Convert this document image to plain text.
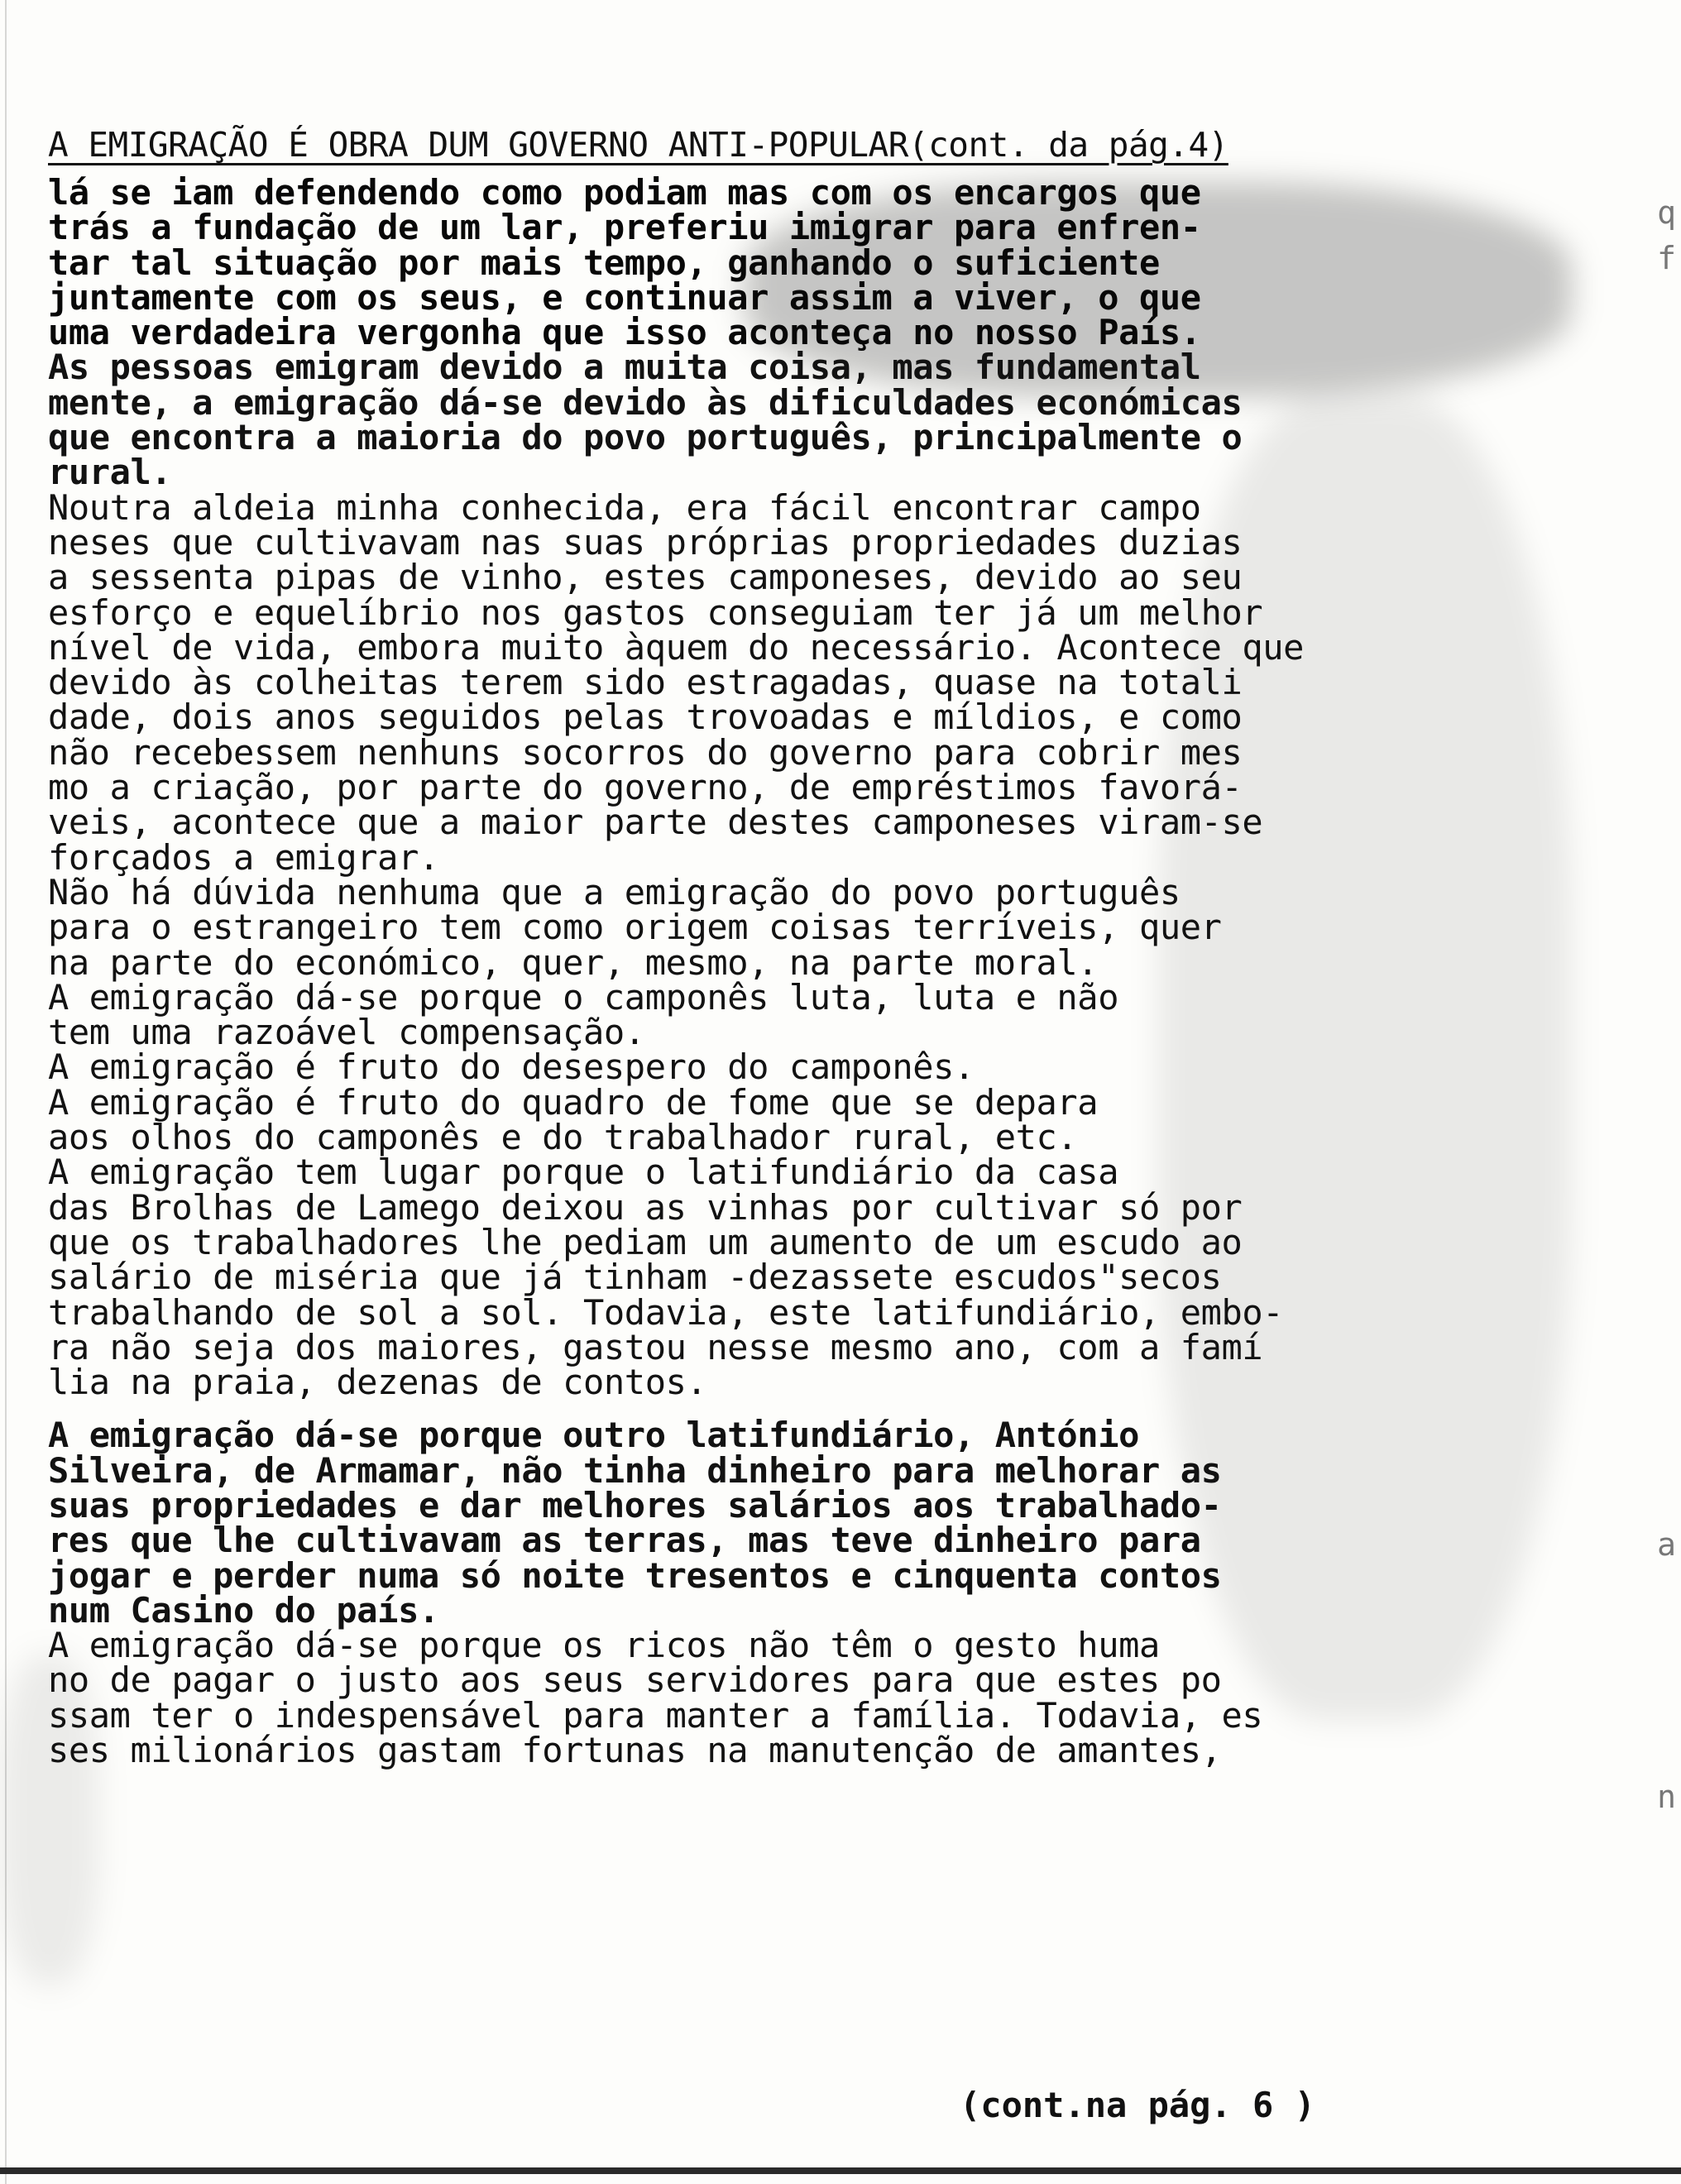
A EMIGRAÇÃO É OBRA DUM GOVERNO ANTI-POPULAR(cont. da pág.4)
lá se iam defendendo como podiam mas com os encargos que
trás a fundação de um lar, preferiu imigrar para enfren-
tar tal situação por mais tempo, ganhando o suficiente
juntamente com os seus, e continuar assim a viver, o que
uma verdadeira vergonha que isso aconteça no nosso País.
As pessoas emigram devido a muita coisa, mas fundamental
mente, a emigração dá-se devido às dificuldades económicas
que encontra a maioria do povo português, principalmente o
rural.
Noutra aldeia minha conhecida, era fácil encontrar campo
neses que cultivavam nas suas próprias propriedades duzias
a sessenta pipas de vinho, estes camponeses, devido ao seu
esforço e equelíbrio nos gastos conseguiam ter já um melhor
nível de vida, embora muito àquem do necessário. Acontece que
devido às colheitas terem sido estragadas, quase na totali
dade, dois anos seguidos pelas trovoadas e míldios, e como
não recebessem nenhuns socorros do governo para cobrir mes
mo a criação, por parte do governo, de empréstimos favorá-
veis, acontece que a maior parte destes camponeses viram-se
forçados a emigrar.
Não há dúvida nenhuma que a emigração do povo português
para o estrangeiro tem como origem coisas terríveis, quer
na parte do económico, quer, mesmo, na parte moral.
A emigração dá-se porque o camponês luta, luta e não
tem uma razoável compensação.
A emigração é fruto do desespero do camponês.
A emigração é fruto do quadro de fome que se depara
aos olhos do camponês e do trabalhador rural, etc.
A emigração tem lugar porque o latifundiário da casa
das Brolhas de Lamego deixou as vinhas por cultivar só por
que os trabalhadores lhe pediam um aumento de um escudo ao
salário de miséria que já tinham -dezassete escudos"secos
trabalhando de sol a sol. Todavia, este latifundiário, embo-
ra não seja dos maiores, gastou nesse mesmo ano, com a famí
lia na praia, dezenas de contos.
A emigração dá-se porque outro latifundiário, António
Silveira, de Armamar, não tinha dinheiro para melhorar as
suas propriedades e dar melhores salários aos trabalhado-
res que lhe cultivavam as terras, mas teve dinheiro para
jogar e perder numa só noite tresentos e cinquenta contos
num Casino do país.
A emigração dá-se porque os ricos não têm o gesto huma
no de pagar o justo aos seus servidores para que estes po
ssam ter o indespensável para manter a família. Todavia, es
ses milionários gastam fortunas na manutenção de amantes,
q
f
a
n
(cont.na pág. 6 )
